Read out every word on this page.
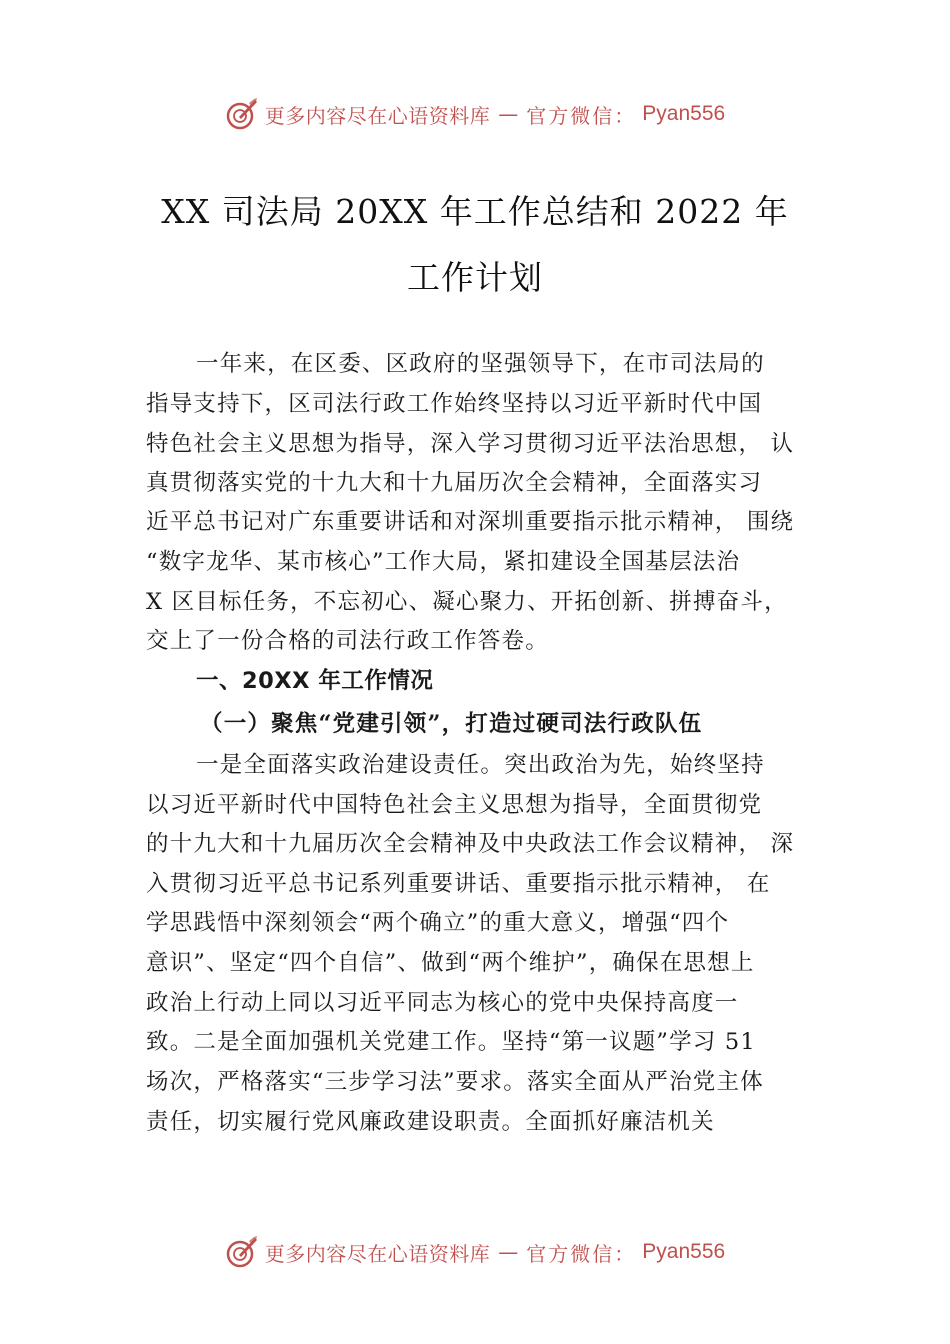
更多内容尽在心语资料库 — 官方微信： Pyan556
XX 司法局 20XX 年工作总结和 2022 年
工作计划
一年来，在区委、区政府的坚强领导下，在市司法局的
指导支持下，区司法行政工作始终坚持以习近平新时代中国
特色社会主义思想为指导，深入学习贯彻习近平法治思想， 认
真贯彻落实党的十九大和十九届历次全会精神，全面落实习
近平总书记对广东重要讲话和对深圳重要指示批示精神， 围绕
“数字龙华、某市核心”工作大局，紧扣建设全国基层法治
X 区目标任务，不忘初心、凝心聚力、开拓创新、拼搏奋斗，
交上了一份合格的司法行政工作答卷。
一、20XX 年工作情况
（一）聚焦“党建引领”，打造过硬司法行政队伍
一是全面落实政治建设责任。突出政治为先，始终坚持
以习近平新时代中国特色社会主义思想为指导，全面贯彻党
的十九大和十九届历次全会精神及中央政法工作会议精神， 深
入贯彻习近平总书记系列重要讲话、重要指示批示精神， 在
学思践悟中深刻领会“两个确立”的重大意义，增强“四个
意识”、坚定“四个自信”、做到“两个维护”，确保在思想上
政治上行动上同以习近平同志为核心的党中央保持高度一
致。二是全面加强机关党建工作。坚持“第一议题”学习 51
场次，严格落实“三步学习法”要求。落实全面从严治党主体
责任，切实履行党风廉政建设职责。全面抓好廉洁机关
更多内容尽在心语资料库 — 官方微信： Pyan556
